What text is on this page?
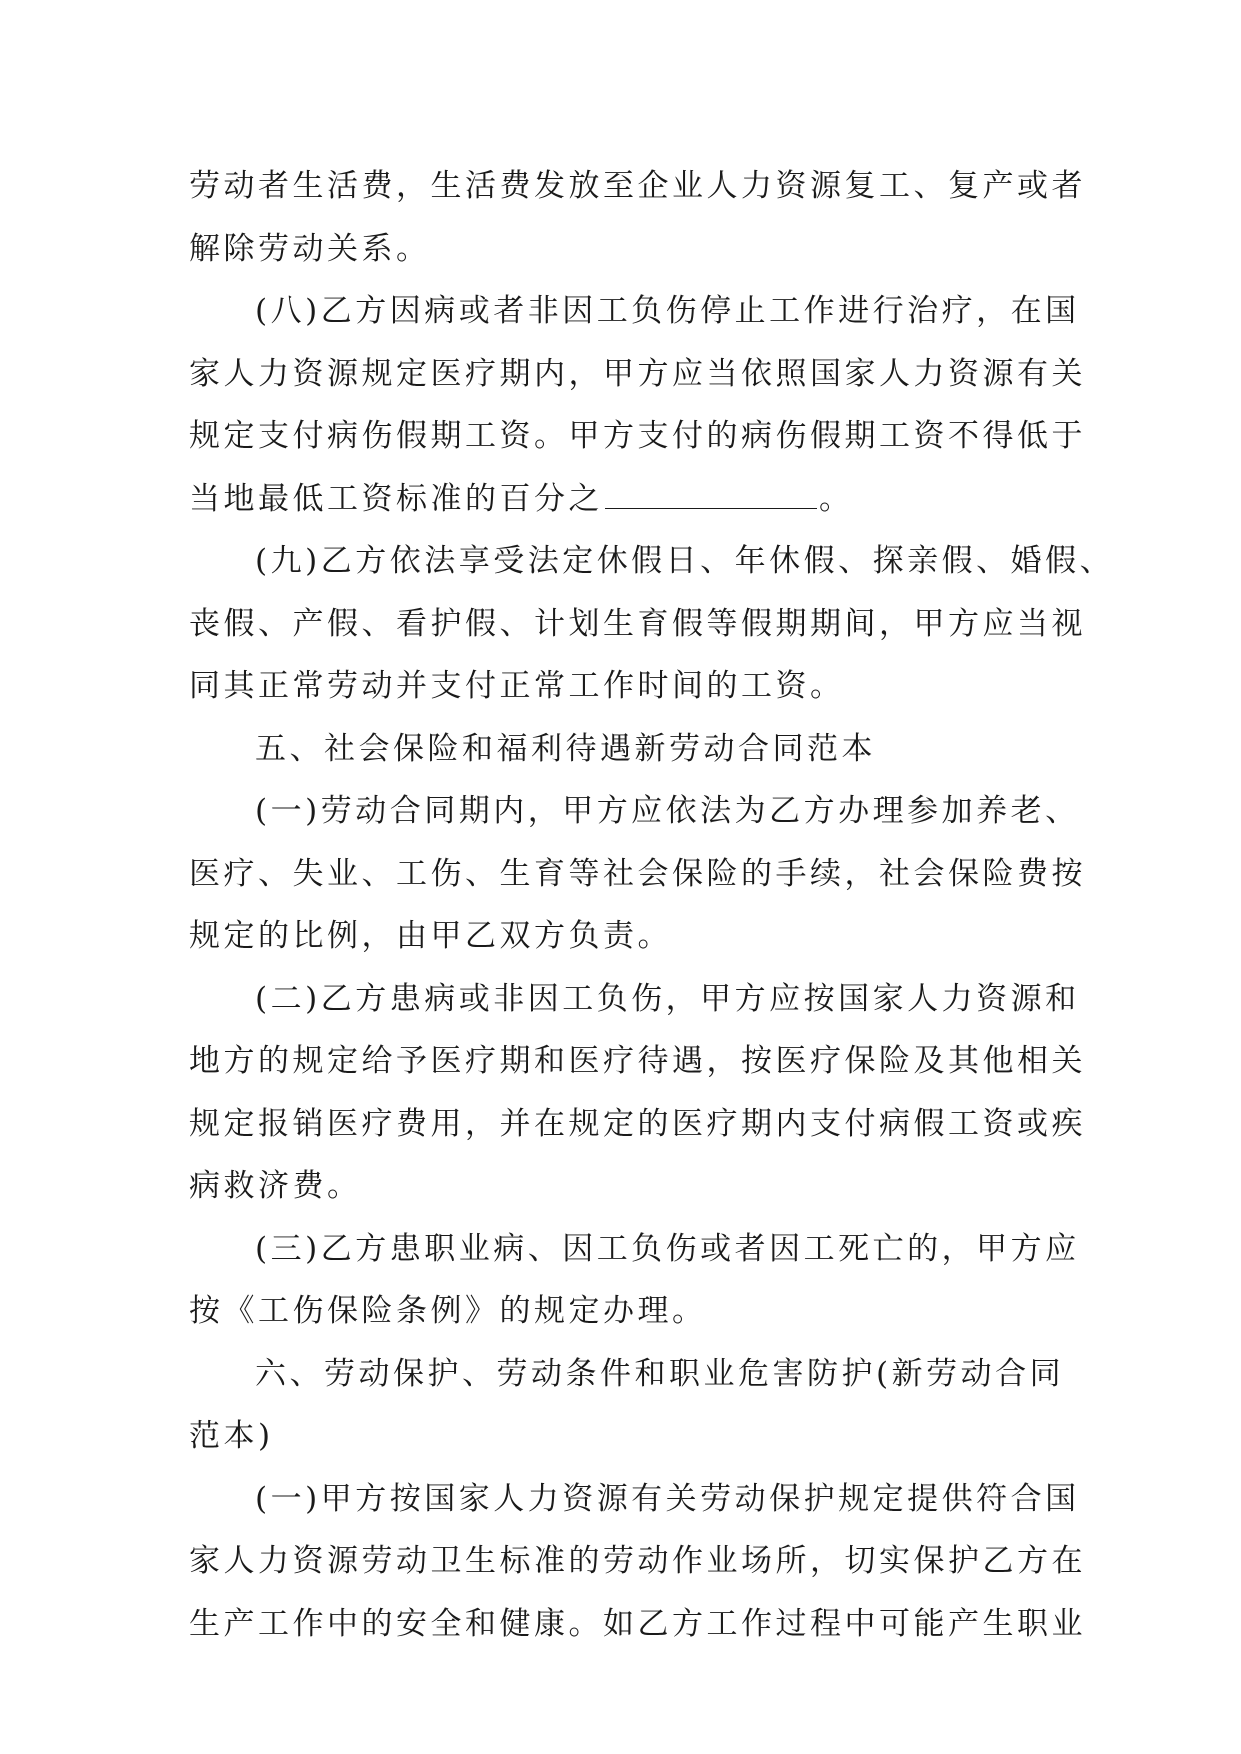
劳动者生活费，生活费发放至企业人力资源复工、复产或者
解除劳动关系。
(八)乙方因病或者非因工负伤停止工作进行治疗，在国
家人力资源规定医疗期内，甲方应当依照国家人力资源有关
规定支付病伤假期工资。甲方支付的病伤假期工资不得低于
当地最低工资标准的百分之	。
(九)乙方依法享受法定休假日、年休假、探亲假、婚假、
丧假、产假、看护假、计划生育假等假期期间，甲方应当视
同其正常劳动并支付正常工作时间的工资。
五、社会保险和福利待遇新劳动合同范本
(一)劳动合同期内，甲方应依法为乙方办理参加养老、
医疗、失业、工伤、生育等社会保险的手续，社会保险费按
规定的比例，由甲乙双方负责。
(二)乙方患病或非因工负伤，甲方应按国家人力资源和
地方的规定给予医疗期和医疗待遇，按医疗保险及其他相关
规定报销医疗费用，并在规定的医疗期内支付病假工资或疾
病救济费。
(三)乙方患职业病、因工负伤或者因工死亡的，甲方应
按《工伤保险条例》的规定办理。
六、劳动保护、劳动条件和职业危害防护(新劳动合同
范本)
(一)甲方按国家人力资源有关劳动保护规定提供符合国
家人力资源劳动卫生标准的劳动作业场所，切实保护乙方在
生产工作中的安全和健康。如乙方工作过程中可能产生职业
